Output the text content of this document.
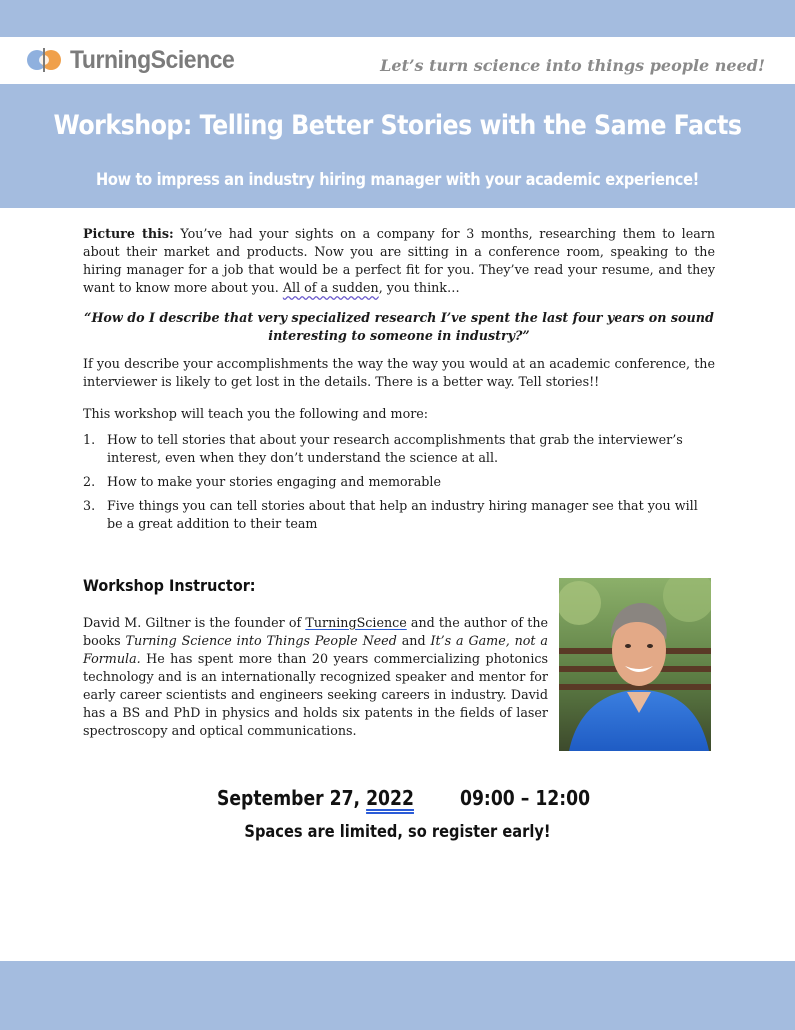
TurningScience	Let’s turn science into things people need!
Workshop: Telling Better Stories with the Same Facts
How to impress an industry hiring manager with your academic experience!

Picture this: You’ve had your sights on a company for 3 months, researching them to learn about their market and products. Now you are sitting in a conference room, speaking to the hiring manager for a job that would be a perfect fit for you. They’ve read your resume, and they want to know more about you. All of a sudden, you think…

“How do I describe that very specialized research I’ve spent the last four years on sound interesting to someone in industry?”

If you describe your accomplishments the way the way you would at an academic conference, the interviewer is likely to get lost in the details. There is a better way. Tell stories!!

This workshop will teach you the following and more:

1. How to tell stories that about your research accomplishments that grab the interviewer’s interest, even when they don’t understand the science at all.
2. How to make your stories engaging and memorable
3. Five things you can tell stories about that help an industry hiring manager see that you will be a great addition to their team
Workshop Instructor:
David M. Giltner is the founder of TurningScience and the author of the books Turning Science into Things People Need and It’s a Game, not a Formula. He has spent more than 20 years commercializing photonics technology and is an internationally recognized speaker and mentor for early career scientists and engineers seeking careers in industry. David has a BS and PhD in physics and holds six patents in the fields of laser spectroscopy and optical communications.
September 27, 2022 09:00 – 12:00
Spaces are limited, so register early!
